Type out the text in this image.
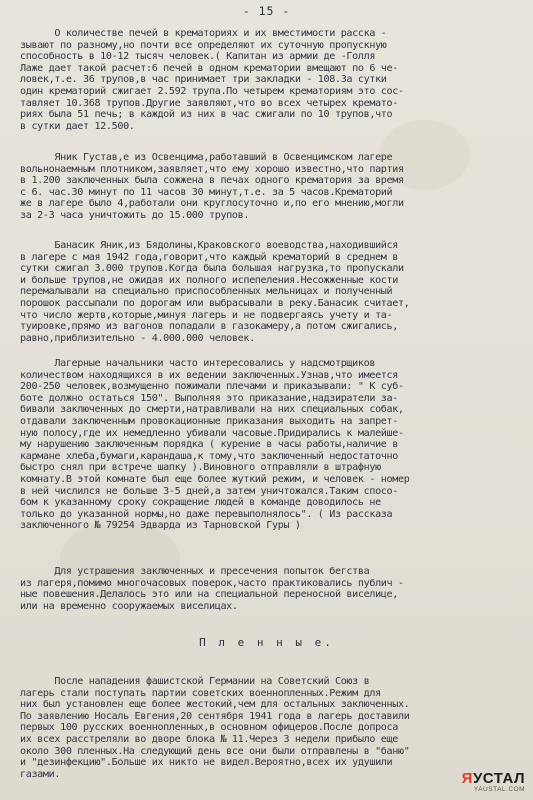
- 15 -
О количестве печей в крематориях и их вместимости расска -
зывают по разному,но почти все определяют их суточную пропускную
способность в 10-12 тысяч человек.( Капитан из армии де -Голля
Лаже дает такой расчет:6 печей в одном крематории вмещают по 6 че-
ловек,т.е. 36 трупов,в час принимает три закладки - 108.За сутки
один крематорий сжигает 2.592 трупа.По четырем крематориям это сос-
тавляет 10.368 трупов.Другие заявляют,что во всех четырех кремато-
риях была 51 печь; в каждой из них в час сжигали по 10 трупов,что
в сутки дает 12.500.
Яник Густав,е из Освенцима,работавший в Освенцимском лагере
вольнонаемным плотником,заявляет,что ему хорошо известно,что партия
в 1.200 заключенных была сожжена в печах одного крематория за время
с 6. час.30 минут по 11 часов 30 минут,т.е. за 5 часов.Крематорий
же в лагере было 4,работали они круглосуточно и,по его мнению,могли
за 2-3 часа уничтожить до 15.000 трупов.
Банасик Яник,из Бядолины,Краковского воеводства,находившийся
в лагере с мая 1942 года,говорит,что каждый крематорий в среднем в
сутки сжигал 3.000 трупов.Когда была большая нагрузка,то пропускали
и больше трупов,не ожидая их полного испепеления.Несожженные кости
перемалывали на специально приспособленных мельницах и полученный
порошок рассыпали по дорогам или выбрасывали в реку.Банасик считает,
что число жертв,которые,минуя лагерь и не подвергаясь учету и та-
туировке,прямо из вагонов попадали в газокамеру,а потом сжигались,
равно,приблизительно - 4.000.000 человек.
Лагерные начальники часто интересовались у надсмотрщиков
количеством находящихся в их ведении заключенных.Узнав,что имеется
200-250 человек,возмущенно пожимали плечами и приказывали: " К суб-
боте должно остаться 150". Выполняя это приказание,надзиратели за-
бивали заключенных до смерти,натравливали на них специальных собак,
отдавали заключенным провокационные приказания выходить на запрет-
ную полосу,где их немедленно убивали часовые.Придирались к малейше-
му нарушению заключенным порядка ( курение в часы работы,наличие в
кармане хлеба,бумаги,карандаша,к тому,что заключенный недостаточно
быстро снял при встрече шапку ).Виновного отправляли в штрафную
комнату.В этой комнате был еще более жуткий режим, и человек - номер
в ней числился не больше 3-5 дней,а затем уничтожался.Таким спосо-
бом к указанному сроку сокращение людей в команде доводилось не
только до указанной нормы,но даже перевыполнялось". ( Из рассказа
заключенного № 79254 Эдварда из Тарновской Гуры )
Для устрашения заключенных и пресечения попыток бегства
из лагеря,помимо многочасовых поверок,часто практиковались публич -
ные повешения.Делалось это или на специальной переносной виселице,
или на временно сооружаемых виселицах.
П л е н н ы е.
После нападения фашистской Германии на Советский Союз в
лагерь стали поступать партии советских военнопленных.Режим для
них был установлен еще более жестокий,чем для остальных заключенных.
По заявлению Носаль Евгения,20 сентября 1941 года в лагерь доставили
первых 100 русских военнопленных,в основном офицеров.После допроса
их всех расстреляли во дворе блока № 11.Через 3 недели прибыло еще
около 300 пленных.На следующий день все они были отправлены в "баню"
и "дезинфекцию".Больше их никто не видел.Вероятно,всех их удушили
газами.	ЯУСТАЛ
YAUSTAL.COM
